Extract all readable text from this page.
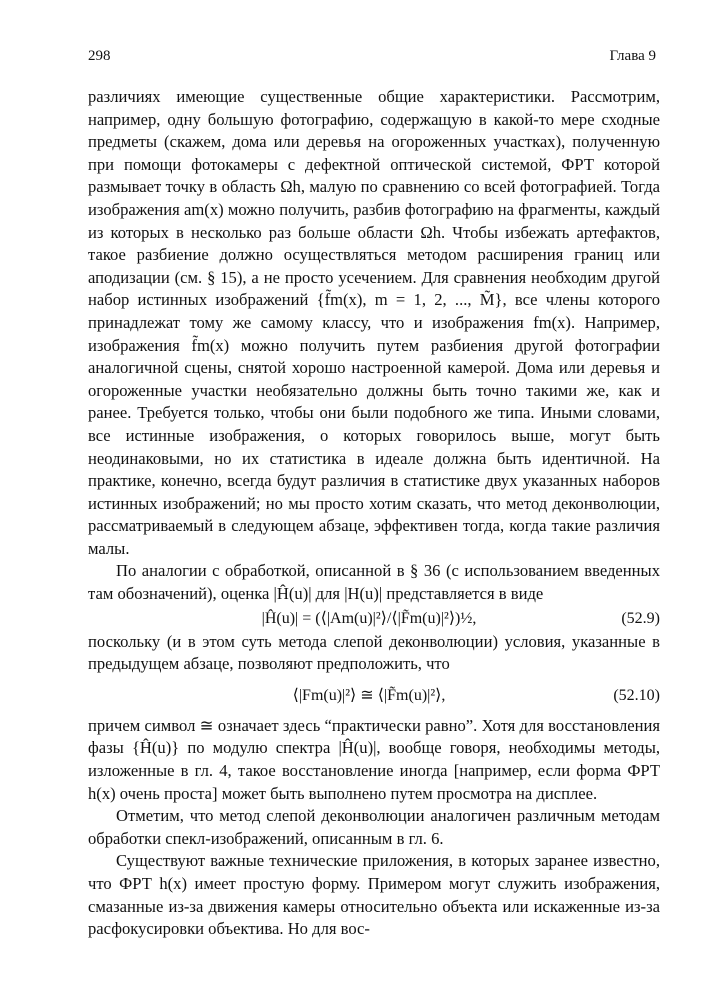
298	Глава 9

различиях имеющие существенные общие характеристики. Рассмотрим, например, одну большую фотографию, содержащую в какой-то мере сходные предметы (скажем, дома или деревья на огороженных участках), полученную при помощи фотокамеры с дефектной оптической системой, ФРТ которой размывает точку в область Ωh, малую по сравнению со всей фотографией. Тогда изображения am(x) можно получить, разбив фотографию на фрагменты, каждый из которых в несколько раз больше области Ωh. Чтобы избежать артефактов, такое разбиение должно осуществляться методом расширения границ или аподизации (см. § 15), а не просто усечением. Для сравнения необходим другой набор истинных изображений {f̃m(x), m = 1, 2, ..., M̃}, все члены которого принадлежат тому же самому классу, что и изображения fm(x). Например, изображения f̃m(x) можно получить путем разбиения другой фотографии аналогичной сцены, снятой хорошо настроенной камерой. Дома или деревья и огороженные участки необязательно должны быть точно такими же, как и ранее. Требуется только, чтобы они были подобного же типа. Иными словами, все истинные изображения, о которых говорилось выше, могут быть неодинаковыми, но их статистика в идеале должна быть идентичной. На практике, конечно, всегда будут различия в статистике двух указанных наборов истинных изображений; но мы просто хотим сказать, что метод деконволюции, рассматриваемый в следующем абзаце, эффективен тогда, когда такие различия малы.

По аналогии с обработкой, описанной в § 36 (с использованием введенных там обозначений), оценка |Ĥ(u)| для |H(u)| представляется в виде

|Ĥ(u)| = (⟨|Am(u)|²⟩/⟨|F̃m(u)|²⟩)½,	(52.9)

поскольку (и в этом суть метода слепой деконволюции) условия, указанные в предыдущем абзаце, позволяют предположить, что

⟨|Fm(u)|²⟩ ≅ ⟨|F̃m(u)|²⟩,	(52.10)

причем символ ≅ означает здесь “практически равно”. Хотя для восстановления фазы {Ĥ(u)} по модулю спектра |Ĥ(u)|, вообще говоря, необходимы методы, изложенные в гл. 4, такое восстановление иногда [например, если форма ФРТ h(x) очень проста] может быть выполнено путем просмотра на дисплее.

Отметим, что метод слепой деконволюции аналогичен различным методам обработки спекл-изображений, описанным в гл. 6.

Существуют важные технические приложения, в которых заранее известно, что ФРТ h(x) имеет простую форму. Примером могут служить изображения, смазанные из-за движения камеры относительно объекта или искаженные из-за расфокусировки объектива. Но для вос-
